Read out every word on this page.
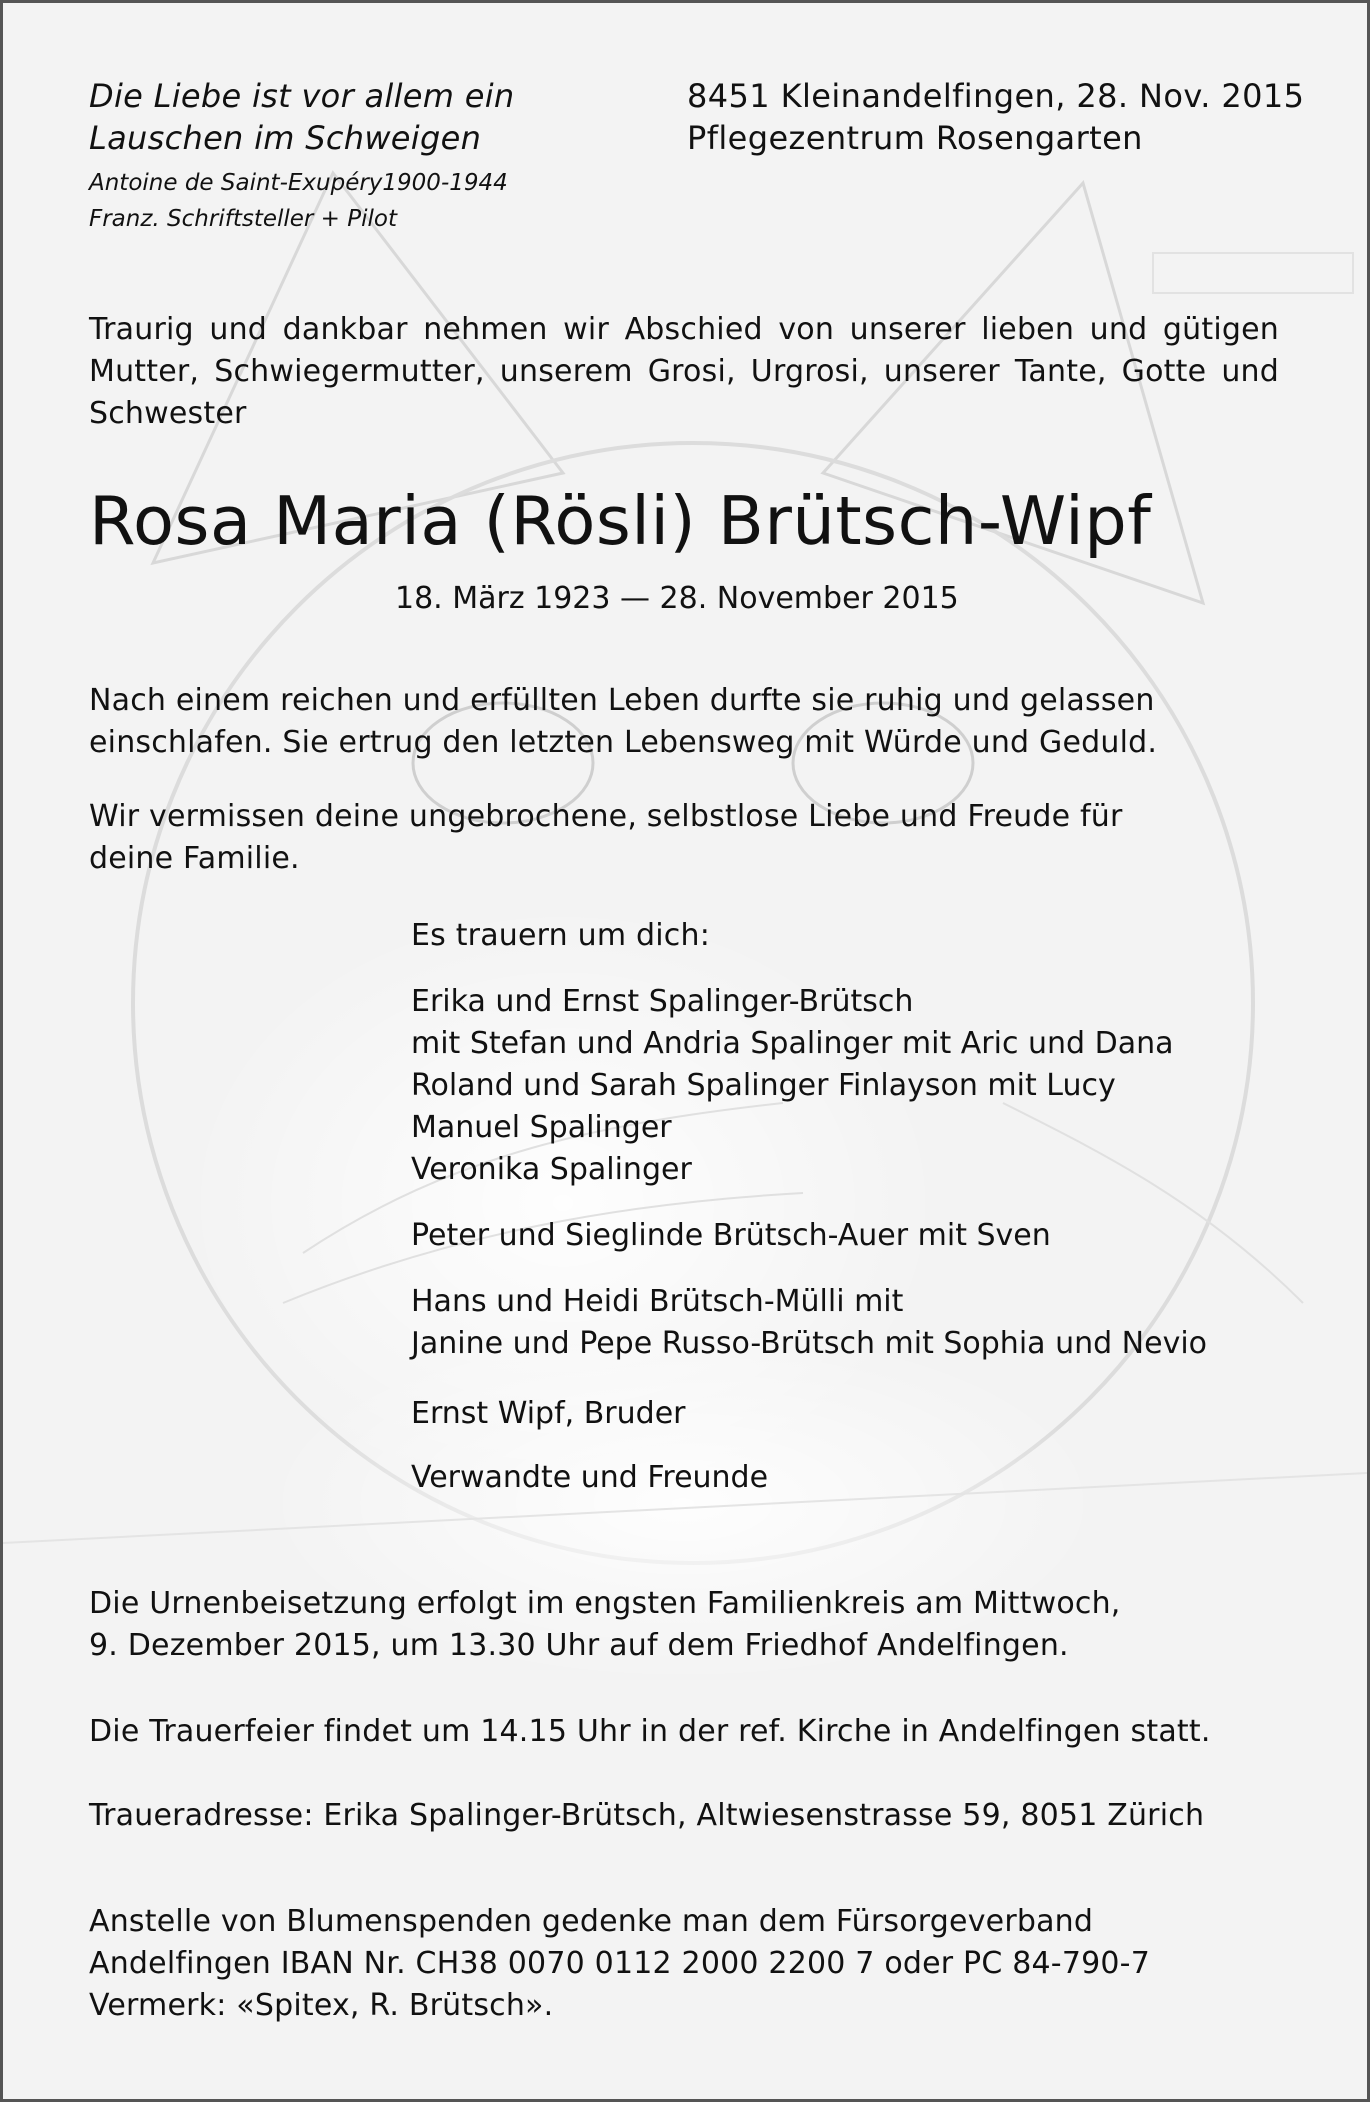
Die Liebe ist vor allem ein
Lauschen im Schweigen
Antoine de Saint-Exupéry1900-1944
Franz. Schriftsteller + Pilot
8451 Kleinandelfingen, 28. Nov. 2015
Pflegezentrum Rosengarten
Traurig und dankbar nehmen wir Abschied von unserer lieben und gütigen Mutter, Schwiegermutter, unserem Grosi, Urgrosi, unserer Tante, Gotte und Schwester
Rosa Maria (Rösli) Brütsch-Wipf
18. März 1923 — 28. November 2015
Nach einem reichen und erfüllten Leben durfte sie ruhig und gelassen
einschlafen. Sie ertrug den letzten Lebensweg mit Würde und Geduld.
Wir vermissen deine ungebrochene, selbstlose Liebe und Freude für
deine Familie.
Es trauern um dich:
Erika und Ernst Spalinger-Brütsch
mit Stefan und Andria Spalinger mit Aric und Dana
Roland und Sarah Spalinger Finlayson mit Lucy
Manuel Spalinger
Veronika Spalinger
Peter und Sieglinde Brütsch-Auer mit Sven
Hans und Heidi Brütsch-Mülli mit
Janine und Pepe Russo-Brütsch mit Sophia und Nevio
Ernst Wipf, Bruder
Verwandte und Freunde
Die Urnenbeisetzung erfolgt im engsten Familienkreis am Mittwoch,
9. Dezember 2015, um 13.30 Uhr auf dem Friedhof Andelfingen.
Die Trauerfeier findet um 14.15 Uhr in der ref. Kirche in Andelfingen statt.
Traueradresse: Erika Spalinger-Brütsch, Altwiesenstrasse 59, 8051 Zürich
Anstelle von Blumenspenden gedenke man dem Fürsorgeverband
Andelfingen IBAN Nr. CH38 0070 0112 2000 2200 7 oder PC 84-790-7
Vermerk: «Spitex, R. Brütsch».
